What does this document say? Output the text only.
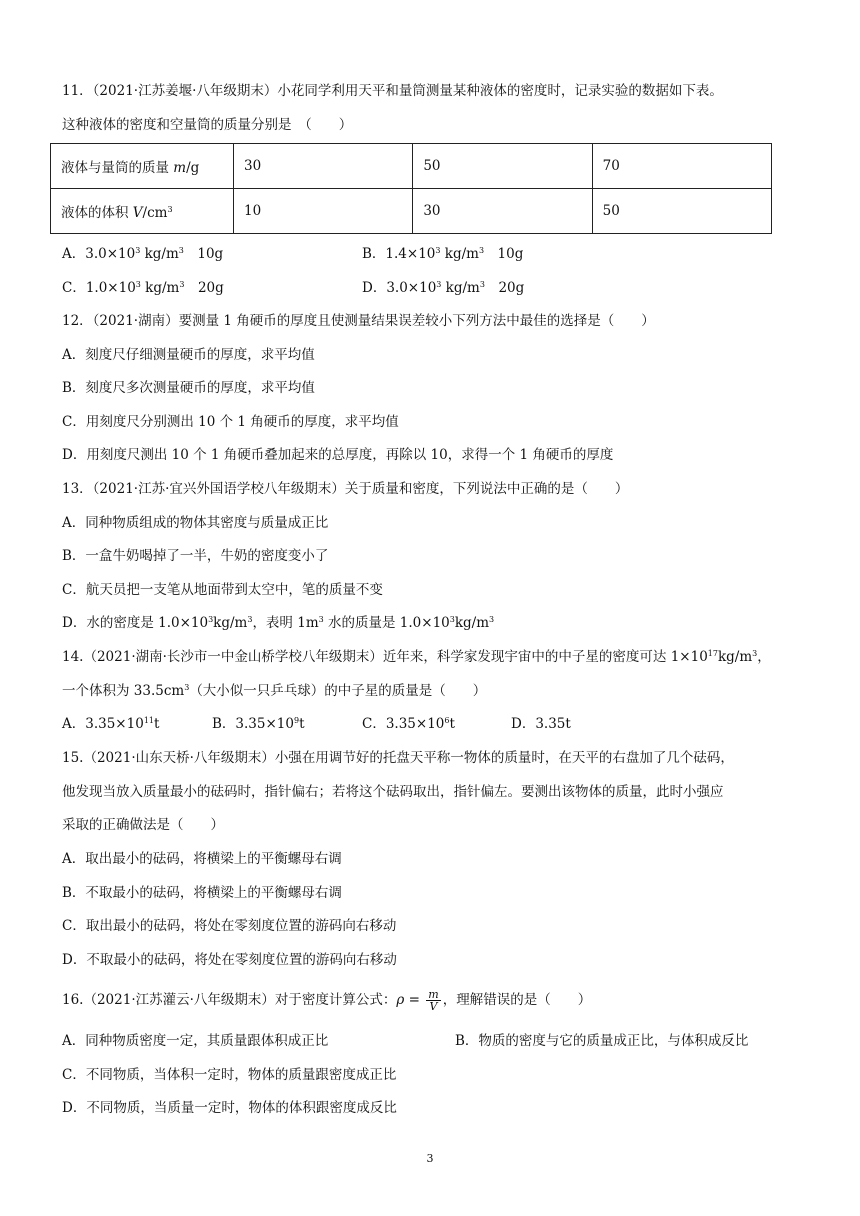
11．（2021·江苏姜堰·八年级期末）小花同学利用天平和量筒测量某种液体的密度时，记录实验的数据如下表。
这种液体的密度和空量筒的质量分别是　（　　）
液体与量筒的质量 m/g	30	50	70
液体的体积 $V/cm^3$	10	30	50
A．$3.0\times 10^3$ $kg/m^3$　10g	B．$1.4\times 10^3$ $kg/m^3$　10g
C．$1.0\times 10^3$ $kg/m^3$　20g	D．$3.0\times 10^3$ $kg/m^3$　20g
12．（2021·湖南）要测量 1 角硬币的厚度且使测量结果误差较小下列方法中最佳的选择是（　　）
A．刻度尺仔细测量硬币的厚度，求平均值
B．刻度尺多次测量硬币的厚度，求平均值
C．用刻度尺分别测出 10 个 1 角硬币的厚度，求平均值
D．用刻度尺测出 10 个 1 角硬币叠加起来的总厚度，再除以 10，求得一个 1 角硬币的厚度
13．（2021·江苏·宜兴外国语学校八年级期末）关于质量和密度，下列说法中正确的是（　　）
A．同种物质组成的物体其密度与质量成正比
B．一盒牛奶喝掉了一半，牛奶的密度变小了
C．航天员把一支笔从地面带到太空中，笔的质量不变
D．水的密度是 $1.0\times 10^3kg/m^3$，表明 $1m^3$ 水的质量是 $1.0\times 10^3kg/m^3$
14.（2021·湖南·长沙市一中金山桥学校八年级期末）近年来，科学家发现宇宙中的中子星的密度可达 $1\times 10^{17}kg/m^3$，
一个体积为 $33.5cm^3$（大小似一只乒乓球）的中子星的质量是（　　）
A．$3.35\times 10^{11}t$	B．$3.35\times 10^9t$	C．$3.35\times 10^6t$	D．3.35t
15.（2021·山东天桥·八年级期末）小强在用调节好的托盘天平称一物体的质量时，在天平的右盘加了几个砝码，
他发现当放入质量最小的砝码时，指针偏右；若将这个砝码取出，指针偏左。要测出该物体的质量，此时小强应
采取的正确做法是（　　）
A．取出最小的砝码，将横梁上的平衡螺母右调
B．不取最小的砝码，将横梁上的平衡螺母右调
C．取出最小的砝码，将处在零刻度位置的游码向右移动
D．不取最小的砝码，将处在零刻度位置的游码向右移动
16.（2021·江苏灌云·八年级期末）对于密度计算公式：$\rho = \frac{m}{V}$ ，理解错误的是（　　）
A．同种物质密度一定，其质量跟体积成正比	B．物质的密度与它的质量成正比，与体积成反比
C．不同物质，当体积一定时，物体的质量跟密度成正比
D．不同物质，当质量一定时，物体的体积跟密度成反比
3
